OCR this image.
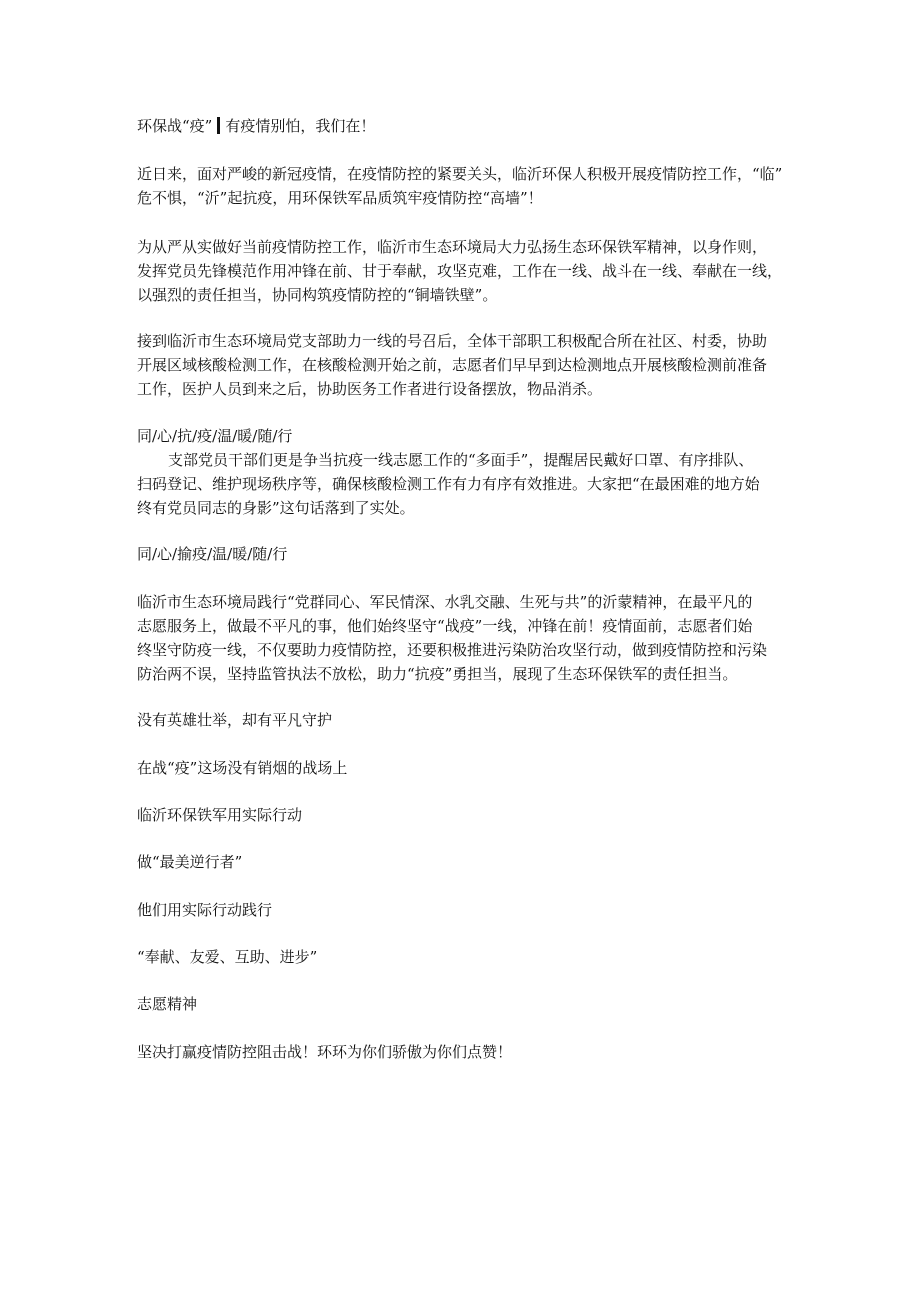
环保战“疫” 有疫情别怕，我们在！
近日来，面对严峻的新冠疫情，在疫情防控的紧要关头，临沂环保人积极开展疫情防控工作，“临”
危不惧，“沂”起抗疫，用环保铁军品质筑牢疫情防控“高墙”！
为从严从实做好当前疫情防控工作，临沂市生态环境局大力弘扬生态环保铁军精神，以身作则，
发挥党员先锋模范作用冲锋在前、甘于奉献，攻坚克难，工作在一线、战斗在一线、奉献在一线，
以强烈的责任担当，协同构筑疫情防控的“铜墙铁壁”。
接到临沂市生态环境局党支部助力一线的号召后，全体干部职工积极配合所在社区、村委，协助
开展区域核酸检测工作，在核酸检测开始之前，志愿者们早早到达检测地点开展核酸检测前准备
工作，医护人员到来之后，协助医务工作者进行设备摆放，物品消杀。
同/心/抗/疫/温/暖/随/行
支部党员干部们更是争当抗疫一线志愿工作的“多面手”，提醒居民戴好口罩、有序排队、
扫码登记、维护现场秩序等，确保核酸检测工作有力有序有效推进。大家把“在最困难的地方始
终有党员同志的身影”这句话落到了实处。
同/心/揄疫/温/暖/随/行
临沂市生态环境局践行“党群同心、军民情深、水乳交融、生死与共”的沂蒙精神，在最平凡的
志愿服务上，做最不平凡的事，他们始终坚守“战疫”一线，冲锋在前！疫情面前，志愿者们始
终坚守防疫一线，不仅要助力疫情防控，还要积极推进污染防治攻坚行动，做到疫情防控和污染
防治两不误，坚持监管执法不放松，助力“抗疫”勇担当，展现了生态环保铁军的责任担当。
没有英雄壮举，却有平凡守护
在战“疫”这场没有销烟的战场上
临沂环保铁军用实际行动
做“最美逆行者”
他们用实际行动践行
“奉献、友爱、互助、进步”
志愿精神
坚决打赢疫情防控阻击战！环环为你们骄傲为你们点赞！
